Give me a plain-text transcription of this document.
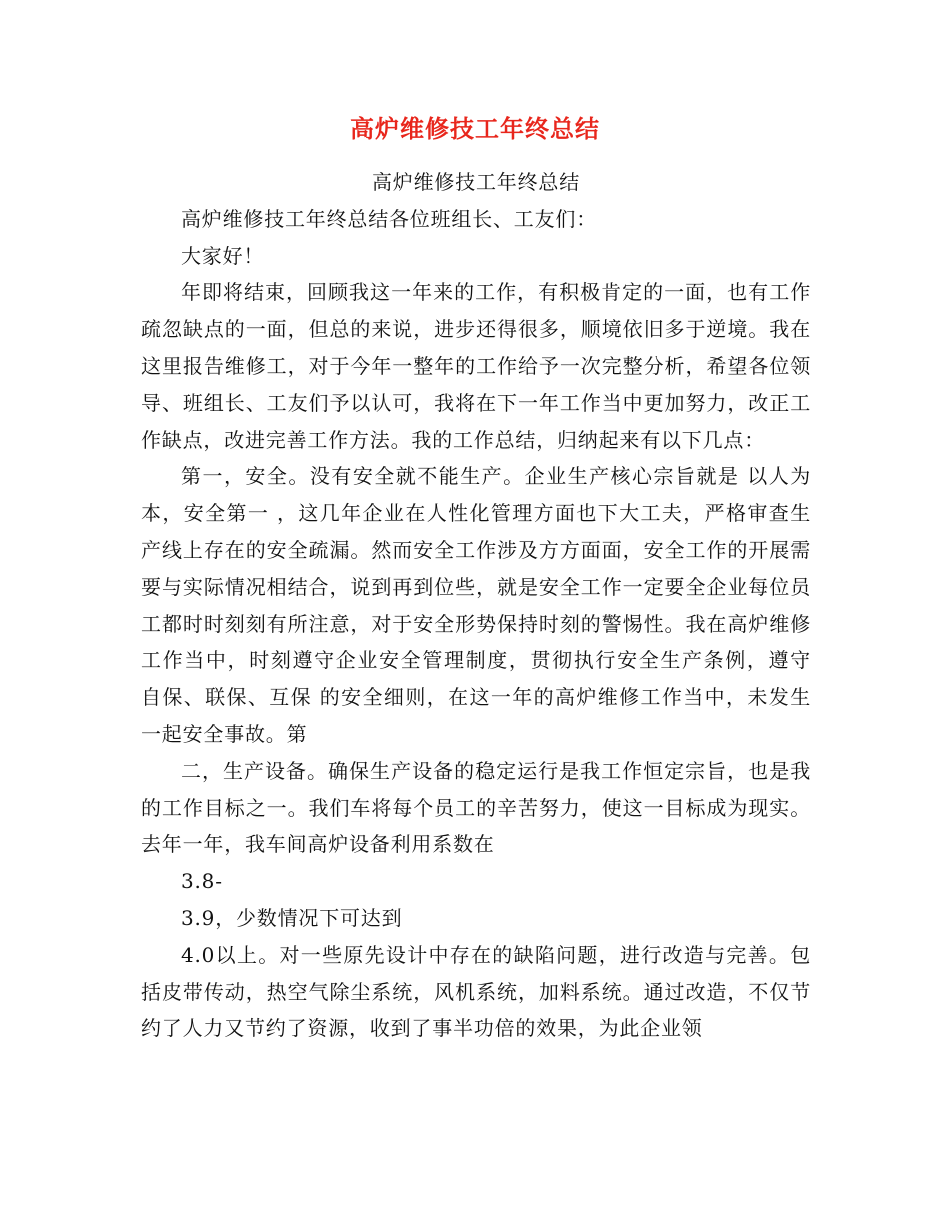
高炉维修技工年终总结

高炉维修技工年终总结

高炉维修技工年终总结各位班组长、工友们：

大家好！

年即将结束，回顾我这一年来的工作，有积极肯定的一面，也有工作疏忽缺点的一面，但总的来说，进步还得很多，顺境依旧多于逆境。我在这里报告维修工，对于今年一整年的工作给予一次完整分析，希望各位领导、班组长、工友们予以认可，我将在下一年工作当中更加努力，改正工作缺点，改进完善工作方法。我的工作总结，归纳起来有以下几点：

第一，安全。没有安全就不能生产。企业生产核心宗旨就是 以人为本，安全第一 ，这几年企业在人性化管理方面也下大工夫，严格审查生产线上存在的安全疏漏。然而安全工作涉及方方面面，安全工作的开展需要与实际情况相结合，说到再到位些，就是安全工作一定要全企业每位员工都时时刻刻有所注意，对于安全形势保持时刻的警惕性。我在高炉维修工作当中，时刻遵守企业安全管理制度，贯彻执行安全生产条例，遵守 自保、联保、互保 的安全细则，在这一年的高炉维修工作当中，未发生一起安全事故。第

二，生产设备。确保生产设备的稳定运行是我工作恒定宗旨，也是我的工作目标之一。我们车将每个员工的辛苦努力，使这一目标成为现实。去年一年，我车间高炉设备利用系数在

3.8-

3.9，少数情况下可达到

4.0以上。对一些原先设计中存在的缺陷问题，进行改造与完善。包括皮带传动，热空气除尘系统，风机系统，加料系统。通过改造，不仅节约了人力又节约了资源，收到了事半功倍的效果，为此企业领
